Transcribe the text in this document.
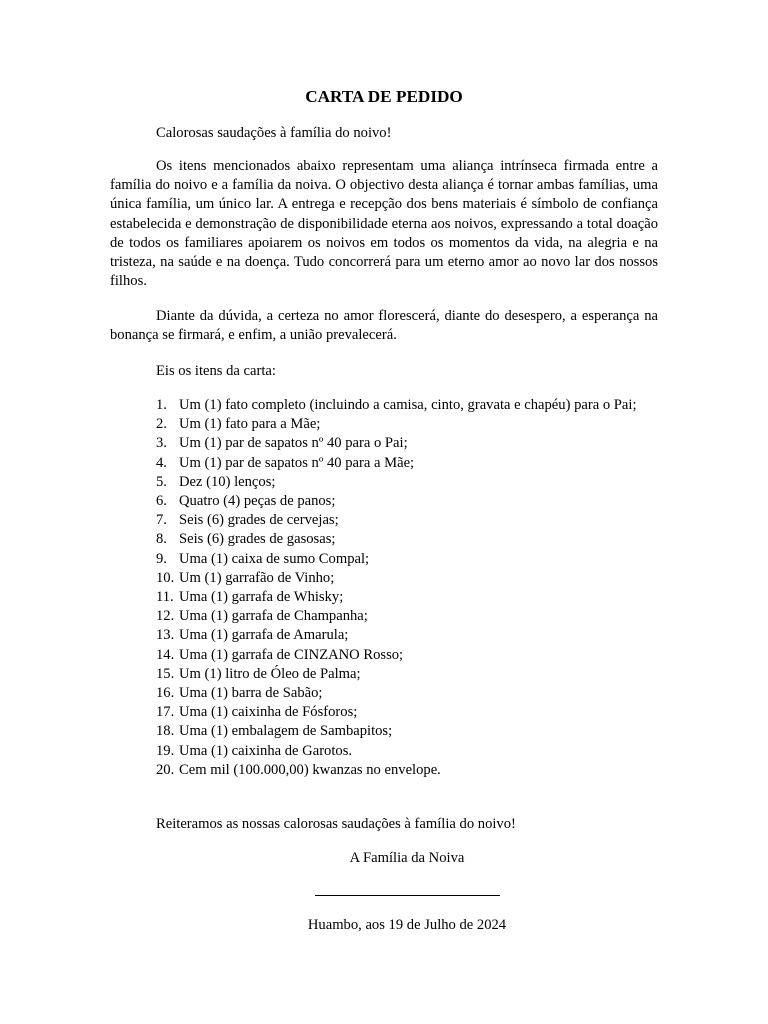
CARTA DE PEDIDO
Calorosas saudações à família do noivo!
Os itens mencionados abaixo representam uma aliança intrínseca firmada entre a família do noivo e a família da noiva. O objectivo desta aliança é tornar ambas famílias, uma única família, um único lar. A entrega e recepção dos bens materiais é símbolo de confiança estabelecida e demonstração de disponibilidade eterna aos noivos, expressando a total doação de todos os familiares apoiarem os noivos em todos os momentos da vida, na alegria e na tristeza, na saúde e na doença. Tudo concorrerá para um eterno amor ao novo lar dos nossos filhos.
Diante da dúvida, a certeza no amor florescerá, diante do desespero, a esperança na bonança se firmará, e enfim, a união prevalecerá.
Eis os itens da carta:
1. Um (1) fato completo (incluindo a camisa, cinto, gravata e chapéu) para o Pai;
2. Um (1) fato para a Mãe;
3. Um (1) par de sapatos nº 40 para o Pai;
4. Um (1) par de sapatos nº 40 para a Mãe;
5. Dez (10) lenços;
6. Quatro (4) peças de panos;
7. Seis (6) grades de cervejas;
8. Seis (6) grades de gasosas;
9. Uma (1) caixa de sumo Compal;
10. Um (1) garrafão de Vinho;
11. Uma (1) garrafa de Whisky;
12. Uma (1) garrafa de Champanha;
13. Uma (1) garrafa de Amarula;
14. Uma (1) garrafa de CINZANO Rosso;
15. Um (1) litro de Óleo de Palma;
16. Uma (1) barra de Sabão;
17. Uma (1) caixinha de Fósforos;
18. Uma (1) embalagem de Sambapitos;
19. Uma (1) caixinha de Garotos.
20. Cem mil (100.000,00) kwanzas no envelope.
Reiteramos as nossas calorosas saudações à família do noivo!
A Família da Noiva
Huambo, aos 19 de Julho de 2024
